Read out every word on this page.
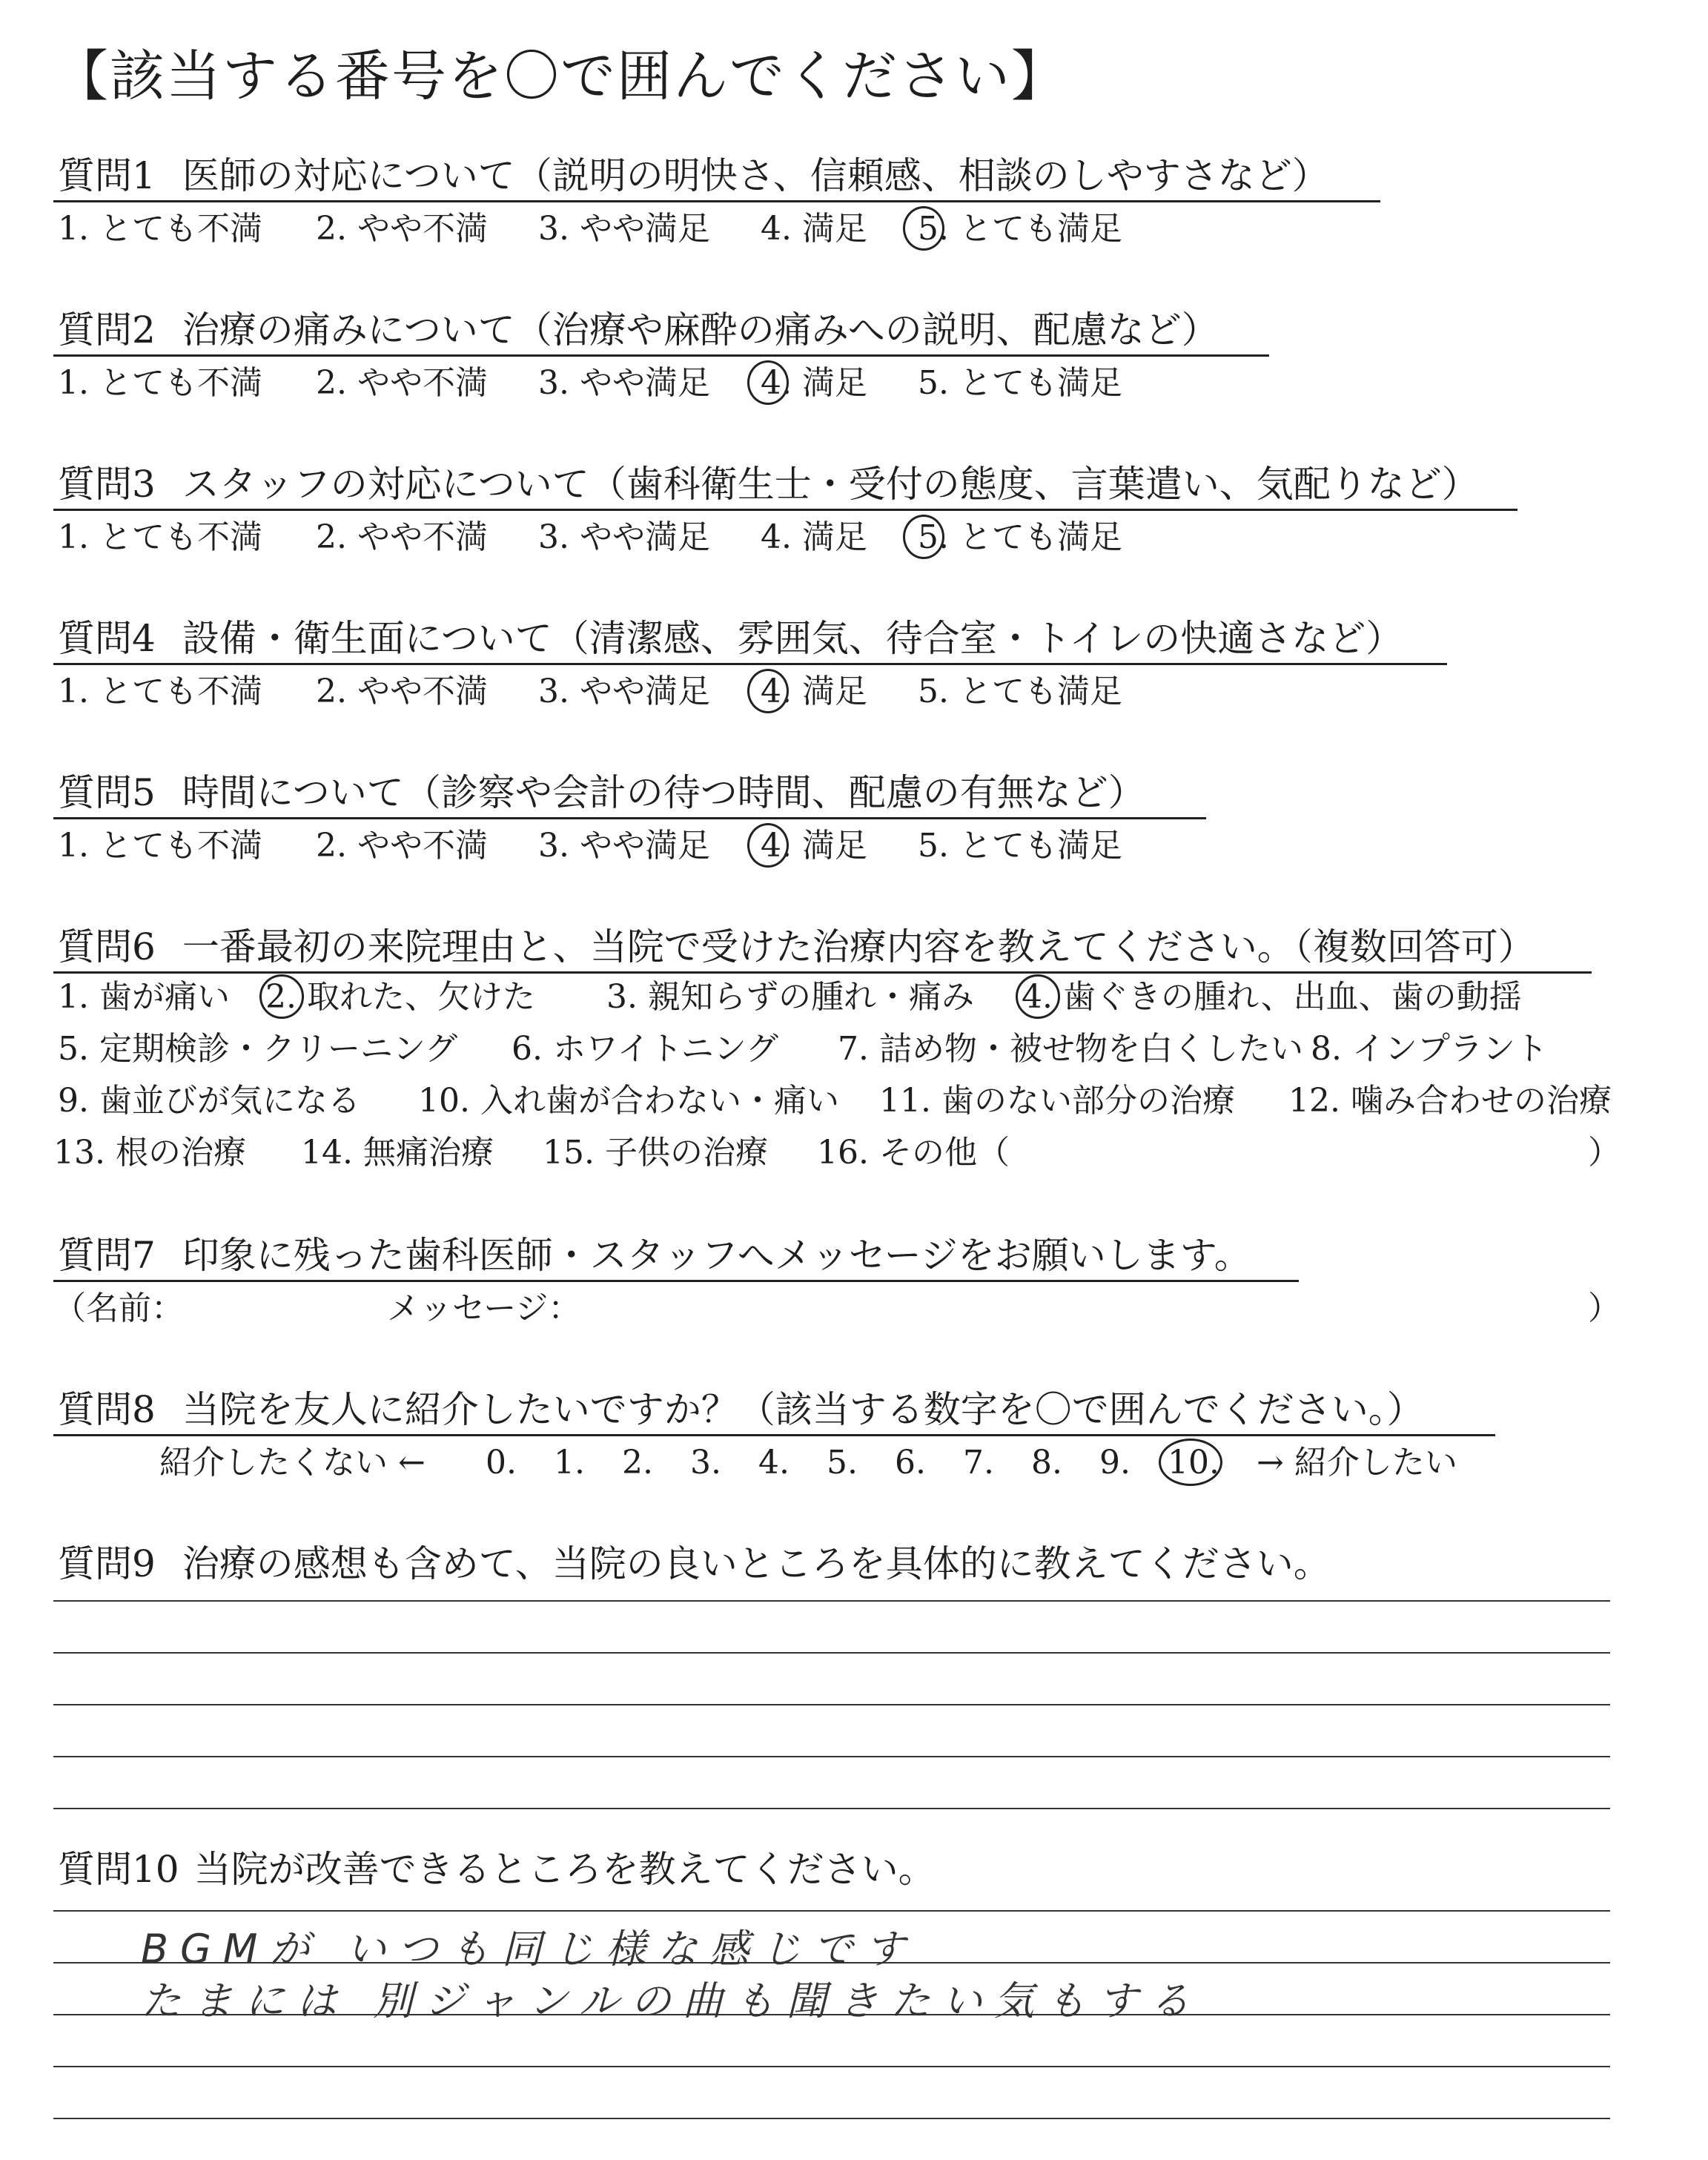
【該当する番号を〇で囲んでください】
質問1 医師の対応について（説明の明快さ、信頼感、相談のしやすさなど）
1. とても不満 2. やや不満 3. やや満足 4. 満足 5. とても満足
質問2 治療の痛みについて（治療や麻酔の痛みへの説明、配慮など）
1. とても不満 2. やや不満 3. やや満足 4. 満足 5. とても満足
質問3 スタッフの対応について（歯科衛生士・受付の態度、言葉遣い、気配りなど）
1. とても不満 2. やや不満 3. やや満足 4. 満足 5. とても満足
質問4 設備・衛生面について（清潔感、雰囲気、待合室・トイレの快適さなど）
1. とても不満 2. やや不満 3. やや満足 4. 満足 5. とても満足
質問5 時間について（診察や会計の待つ時間、配慮の有無など）
1. とても不満 2. やや不満 3. やや満足 4. 満足 5. とても満足
質問6 一番最初の来院理由と、当院で受けた治療内容を教えてください。（複数回答可）
1. 歯が痛い 2. 取れた、欠けた 3. 親知らずの腫れ・痛み 4. 歯ぐきの腫れ、出血、歯の動揺
5. 定期検診・クリーニング 6. ホワイトニング 7. 詰め物・被せ物を白くしたい 8. インプラント
9. 歯並びが気になる 10. 入れ歯が合わない・痛い 11. 歯のない部分の治療 12. 噛み合わせの治療
13. 根の治療 14. 無痛治療 15. 子供の治療 16. その他（	）
質問7 印象に残った歯科医師・スタッフへメッセージをお願いします。
（名前：	メッセージ：	）
質問8 当院を友人に紹介したいですか？（該当する数字を〇で囲んでください。）
紹介したくない ← 0. 1. 2. 3. 4. 5. 6. 7. 8. 9. 10. → 紹介したい
質問9 治療の感想も含めて、当院の良いところを具体的に教えてください。
質問10 当院が改善できるところを教えてください。
BGMが いつも同じ様な感じです
たまには 別ジャンルの曲も聞きたい気もする
